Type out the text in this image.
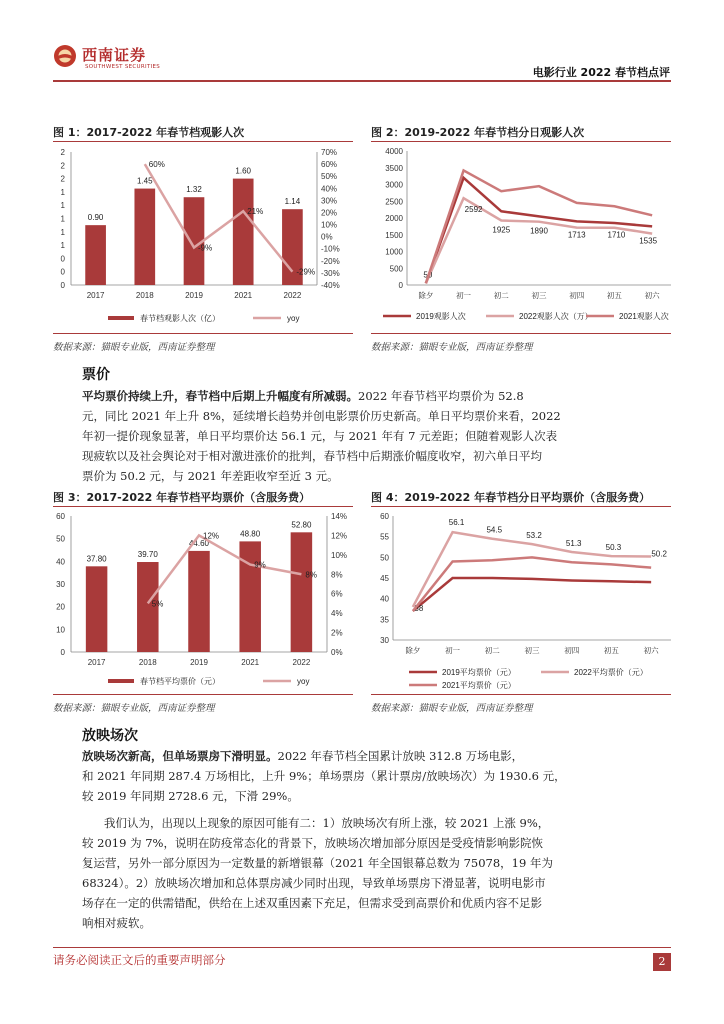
西南证券
SOUTHWEST SECURITIES	电影行业 2022 春节档点评
图 1：2017-2022 年春节档观影人次
2
2
2
1
1
1
1
1
0
0
0
70%
60%
50%
40%
30%
20%
10%
0%
-10%
-20%
-30%
-40%
0.90
2017
1.45
2018
1.32
2019
1.60
2021
1.14
2022
60%
-9%
21%
-29%
春节档观影人次（亿）	yoy
数据来源：猫眼专业版，西南证券整理
图 2：2019-2022 年春节档分日观影人次
4000
3500
3000
2500
2000
1500
1000
500
0
除夕	初一	初二	初三	初四	初五	初六
50
2592
1925 1890 1713	1710
1535
2019观影人次	2022观影人次（万）	2021观影人次
数据来源：猫眼专业版，西南证券整理
票价
平均票价持续上升，春节档中后期上升幅度有所减弱。2022 年春节档平均票价为 52.8
元，同比 2021 年上升 8%，延续增长趋势并创电影票价历史新高。单日平均票价来看，2022
年初一提价现象显著，单日平均票价达 56.1 元，与 2021 年有 7 元差距；但随着观影人次表
现疲软以及社会舆论对于相对激进涨价的批判，春节档中后期涨价幅度收窄，初六单日平均
票价为 50.2 元，与 2021 年差距收窄至近 3 元。
图 3：2017-2022 年春节档平均票价（含服务费）
60
50
40
30
20
10
0
14%
12%
10%
8%
6%
4%
2%
0%
37.80
2017
39.70
2018
44.60
2019
48.80
2021
52.80
2022
5%
12%
9%
8%
春节档平均票价（元）	yoy
数据来源：猫眼专业版，西南证券整理
图 4：2019-2022 年春节档分日平均票价（含服务费）
60
55
50
45
40
35
30
除夕	初一	初二	初三	初四	初五	初六
38
56.1
54.5
53.2
51.3	50.3
50.2
2019平均票价（元）	2022平均票价（元）
2021平均票价（元）
数据来源：猫眼专业版，西南证券整理
放映场次
放映场次新高，但单场票房下滑明显。2022 年春节档全国累计放映 312.8 万场电影，
和 2021 年同期 287.4 万场相比，上升 9%；单场票房（累计票房/放映场次）为 1930.6 元，
较 2019 年同期 2728.6 元，下滑 29%。
我们认为，出现以上现象的原因可能有二：1）放映场次有所上涨，较 2021 上涨 9%，
较 2019 为 7%，说明在防疫常态化的背景下，放映场次增加部分原因是受疫情影响影院恢
复运营，另外一部分原因为一定数量的新增银幕（2021 年全国银幕总数为 75078，19 年为
68324）。2）放映场次增加和总体票房减少同时出现，导致单场票房下滑显著，说明电影市
场存在一定的供需错配，供给在上述双重因素下充足，但需求受到高票价和优质内容不足影
响相对疲软。
请务必阅读正文后的重要声明部分	2
